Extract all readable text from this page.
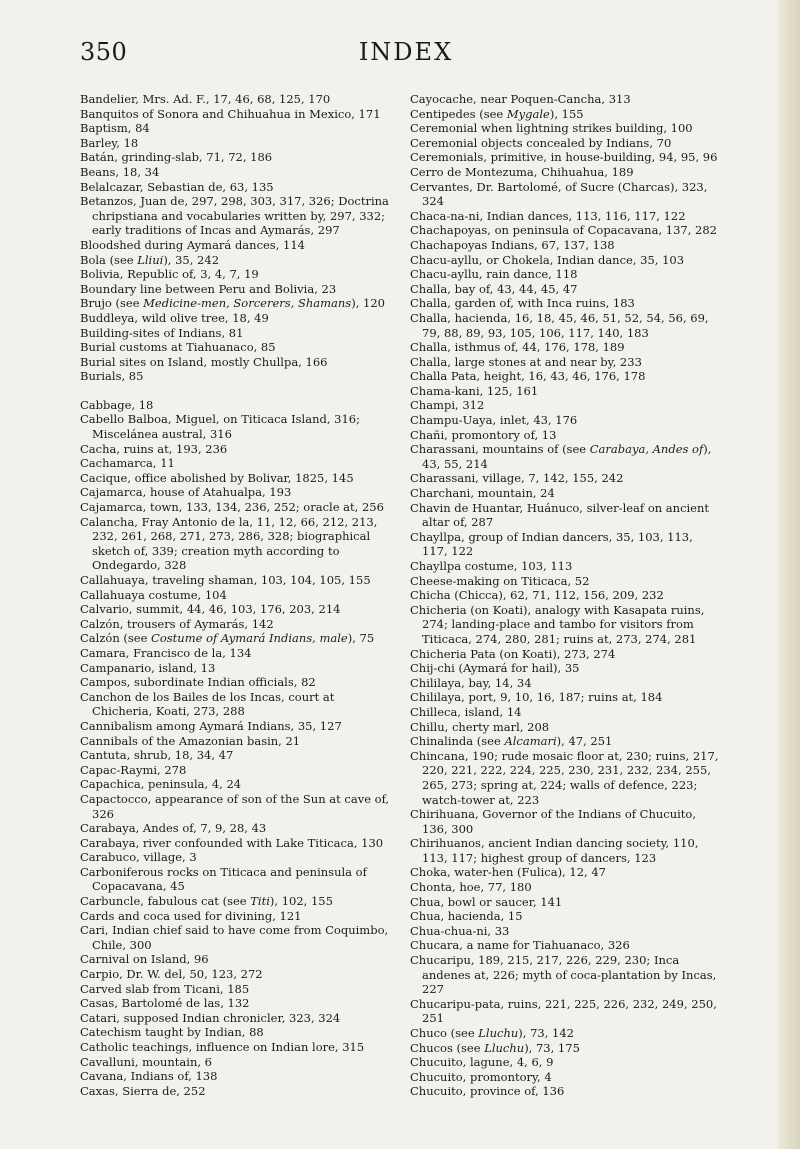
350	INDEX

Bandelier, Mrs. Ad. F., 17, 46, 68, 125, 170

Banquitos of Sonora and Chihuahua in Mexico, 171

Baptism, 84

Barley, 18

Batán, grinding-slab, 71, 72, 186

Beans, 18, 34

Belalcazar, Sebastian de, 63, 135

Betanzos, Juan de, 297, 298, 303, 317, 326; Doctrina chripstiana and vocabularies written by, 297, 332; early traditions of Incas and Aymarás, 297

Bloodshed during Aymará dances, 114

Bola (see Lliui), 35, 242

Bolivia, Republic of, 3, 4, 7, 19

Boundary line between Peru and Bolivia, 23

Brujo (see Medicine-men, Sorcerers, Shamans), 120

Buddleya, wild olive tree, 18, 49

Building-sites of Indians, 81

Burial customs at Tiahuanaco, 85

Burial sites on Island, mostly Chullpa, 166

Burials, 85

Cabbage, 18

Cabello Balboa, Miguel, on Titicaca Island, 316; Miscelánea austral, 316

Cacha, ruins at, 193, 236

Cachamarca, 11

Cacique, office abolished by Bolivar, 1825, 145

Cajamarca, house of Atahualpa, 193

Cajamarca, town, 133, 134, 236, 252; oracle at, 256

Calancha, Fray Antonio de la, 11, 12, 66, 212, 213, 232, 261, 268, 271, 273, 286, 328; biographical sketch of, 339; creation myth according to Ondegardo, 328

Callahuaya, traveling shaman, 103, 104, 105, 155

Callahuaya costume, 104

Calvario, summit, 44, 46, 103, 176, 203, 214

Calzón, trousers of Aymarás, 142

Calzón (see Costume of Aymará Indians, male), 75

Camara, Francisco de la, 134

Campanario, island, 13

Campos, subordinate Indian officials, 82

Canchon de los Bailes de los Incas, court at Chicheria, Koati, 273, 288

Cannibalism among Aymará Indians, 35, 127

Cannibals of the Amazonian basin, 21

Cantuta, shrub, 18, 34, 47

Capac-Raymi, 278

Capachica, peninsula, 4, 24

Capactocco, appearance of son of the Sun at cave of, 326

Carabaya, Andes of, 7, 9, 28, 43

Carabaya, river confounded with Lake Titicaca, 130

Carabuco, village, 3

Carboniferous rocks on Titicaca and peninsula of Copacavana, 45

Carbuncle, fabulous cat (see Titi), 102, 155

Cards and coca used for divining, 121

Cari, Indian chief said to have come from Coquimbo, Chile, 300

Carnival on Island, 96

Carpio, Dr. W. del, 50, 123, 272

Carved slab from Ticani, 185

Casas, Bartolomé de las, 132

Catari, supposed Indian chronicler, 323, 324

Catechism taught by Indian, 88

Catholic teachings, influence on Indian lore, 315

Cavalluni, mountain, 6

Cavana, Indians of, 138

Caxas, Sierra de, 252

Cayocache, near Poquen-Cancha, 313

Centipedes (see Mygale), 155

Ceremonial when lightning strikes building, 100

Ceremonial objects concealed by Indians, 70

Ceremonials, primitive, in house-building, 94, 95, 96

Cerro de Montezuma, Chihuahua, 189

Cervantes, Dr. Bartolomé, of Sucre (Charcas), 323, 324

Chaca-na-ni, Indian dances, 113, 116, 117, 122

Chachapoyas, on peninsula of Copacavana, 137, 282

Chachapoyas Indians, 67, 137, 138

Chacu-ayllu, or Chokela, Indian dance, 35, 103

Chacu-ayllu, rain dance, 118

Challa, bay of, 43, 44, 45, 47

Challa, garden of, with Inca ruins, 183

Challa, hacienda, 16, 18, 45, 46, 51, 52, 54, 56, 69, 79, 88, 89, 93, 105, 106, 117, 140, 183

Challa, isthmus of, 44, 176, 178, 189

Challa, large stones at and near by, 233

Challa Pata, height, 16, 43, 46, 176, 178

Chama-kani, 125, 161

Champi, 312

Champu-Uaya, inlet, 43, 176

Chañi, promontory of, 13

Charassani, mountains of (see Carabaya, Andes of), 43, 55, 214

Charassani, village, 7, 142, 155, 242

Charchani, mountain, 24

Chavin de Huantar, Huánuco, silver-leaf on ancient altar of, 287

Chayllpa, group of Indian dancers, 35, 103, 113, 117, 122

Chayllpa costume, 103, 113

Cheese-making on Titicaca, 52

Chicha (Chicca), 62, 71, 112, 156, 209, 232

Chicheria (on Koati), analogy with Kasapata ruins, 274; landing-place and tambo for visitors from Titicaca, 274, 280, 281; ruins at, 273, 274, 281

Chicheria Pata (on Koati), 273, 274

Chij-chi (Aymará for hail), 35

Chililaya, bay, 14, 34

Chililaya, port, 9, 10, 16, 187; ruins at, 184

Chilleca, island, 14

Chillu, cherty marl, 208

Chinalinda (see Alcamari), 47, 251

Chincana, 190; rude mosaic floor at, 230; ruins, 217, 220, 221, 222, 224, 225, 230, 231, 232, 234, 255, 265, 273; spring at, 224; walls of defence, 223; watch-tower at, 223

Chirihuana, Governor of the Indians of Chucuito, 136, 300

Chirihuanos, ancient Indian dancing society, 110, 113, 117; highest group of dancers, 123

Choka, water-hen (Fulica), 12, 47

Chonta, hoe, 77, 180

Chua, bowl or saucer, 141

Chua, hacienda, 15

Chua-chua-ni, 33

Chucara, a name for Tiahuanaco, 326

Chucaripu, 189, 215, 217, 226, 229, 230; Inca andenes at, 226; myth of coca-plantation by Incas, 227

Chucaripu-pata, ruins, 221, 225, 226, 232, 249, 250, 251

Chuco (see Lluchu), 73, 142

Chucos (see Lluchu), 73, 175

Chucuito, lagune, 4, 6, 9

Chucuito, promontory, 4

Chucuito, province of, 136
